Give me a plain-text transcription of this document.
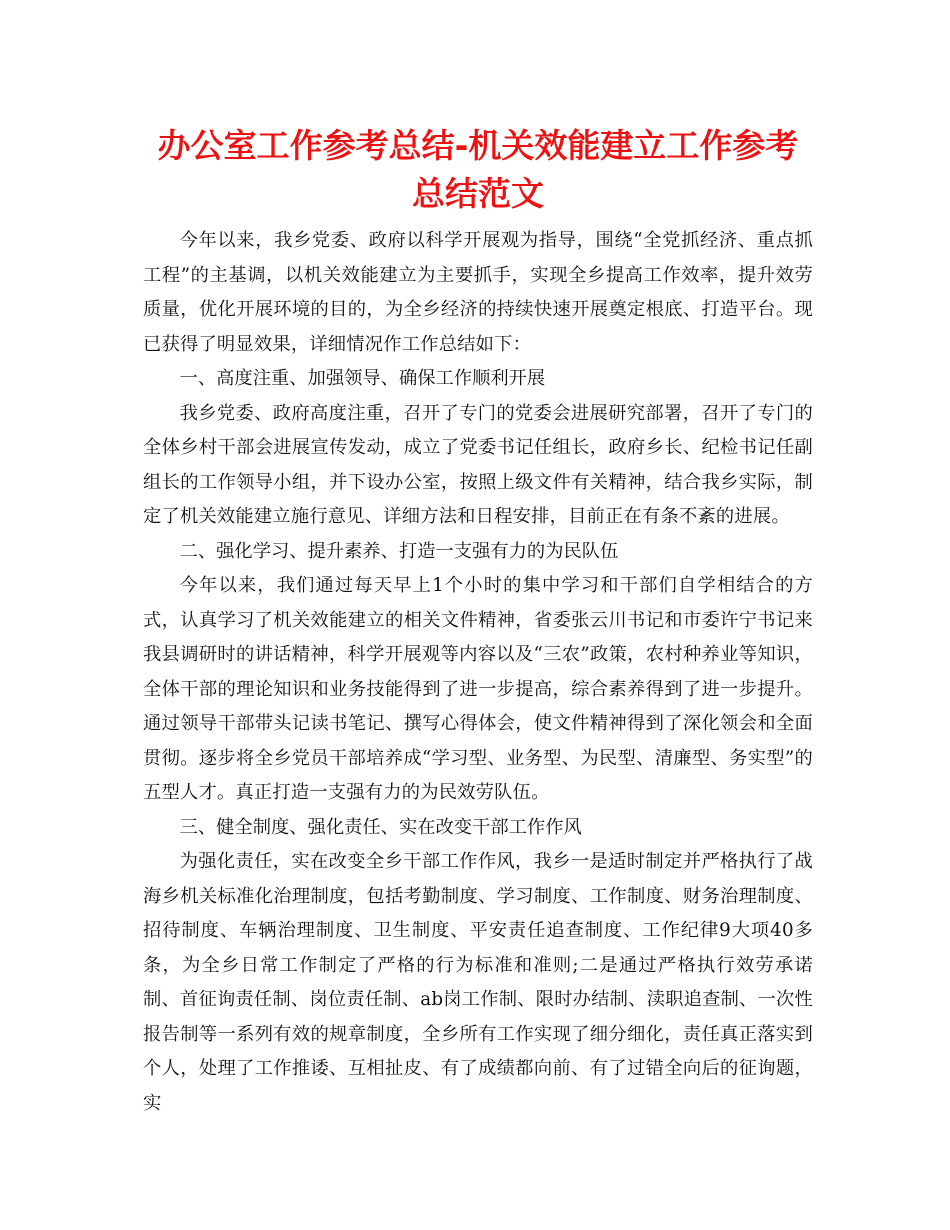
办公室工作参考总结-机关效能建立工作参考总结范文

今年以来，我乡党委、政府以科学开展观为指导，围绕“全党抓经济、重点抓工程”的主基调，以机关效能建立为主要抓手，实现全乡提高工作效率，提升效劳质量，优化开展环境的目的，为全乡经济的持续快速开展奠定根底、打造平台。现已获得了明显效果，详细情况作工作总结如下：

一、高度注重、加强领导、确保工作顺利开展

我乡党委、政府高度注重，召开了专门的党委会进展研究部署，召开了专门的全体乡村干部会进展宣传发动，成立了党委书记任组长，政府乡长、纪检书记任副组长的工作领导小组，并下设办公室，按照上级文件有关精神，结合我乡实际，制定了机关效能建立施行意见、详细方法和日程安排，目前正在有条不紊的进展。

二、强化学习、提升素养、打造一支强有力的为民队伍

今年以来，我们通过每天早上1个小时的集中学习和干部们自学相结合的方式，认真学习了机关效能建立的相关文件精神，省委张云川书记和市委许宁书记来我县调研时的讲话精神，科学开展观等内容以及“三农”政策，农村种养业等知识，全体干部的理论知识和业务技能得到了进一步提高，综合素养得到了进一步提升。通过领导干部带头记读书笔记、撰写心得体会，使文件精神得到了深化领会和全面贯彻。逐步将全乡党员干部培养成“学习型、业务型、为民型、清廉型、务实型”的五型人才。真正打造一支强有力的为民效劳队伍。

三、健全制度、强化责任、实在改变干部工作作风

为强化责任，实在改变全乡干部工作作风，我乡一是适时制定并严格执行了战海乡机关标准化治理制度，包括考勤制度、学习制度、工作制度、财务治理制度、招待制度、车辆治理制度、卫生制度、平安责任追查制度、工作纪律9大项40多条，为全乡日常工作制定了严格的行为标准和准则;二是通过严格执行效劳承诺制、首征询责任制、岗位责任制、ab岗工作制、限时办结制、渎职追查制、一次性报告制等一系列有效的规章制度，全乡所有工作实现了细分细化，责任真正落实到个人，处理了工作推诿、互相扯皮、有了成绩都向前、有了过错全向后的征询题，实
